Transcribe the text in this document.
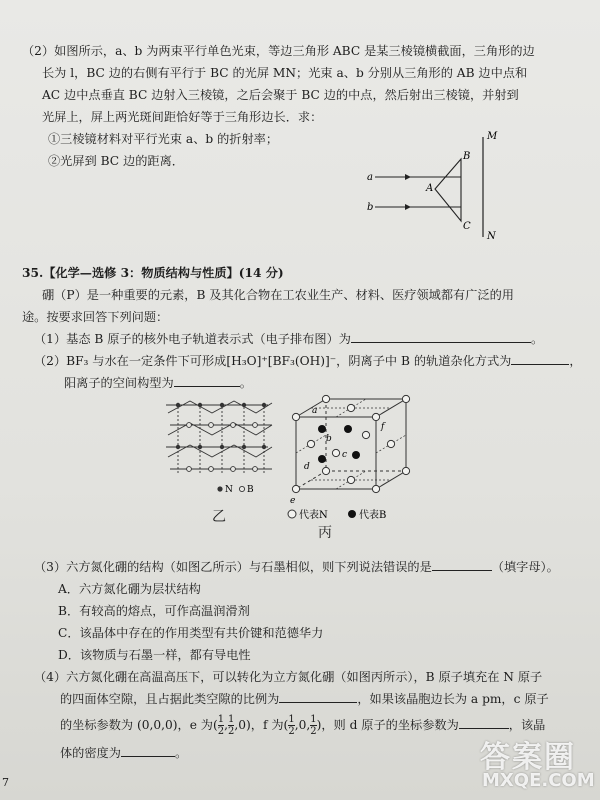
（2）如图所示，a、b 为两束平行单色光束，等边三角形 ABC 是某三棱镜横截面，三角形的边
长为 l，BC 边的右侧有平行于 BC 的光屏 MN；光束 a、b 分别从三角形的 AB 边中点和
AC 边中点垂直 BC 边射入三棱镜，之后会聚于 BC 边的中点，然后射出三棱镜，并射到
光屏上，屏上两光斑间距恰好等于三角形边长．求：
①三棱镜材料对平行光束 a、b 的折射率；
②光屏到 BC 边的距离．
a
b
A
B
C
M
N
35.【化学—选修 3：物质结构与性质】(14 分)
硼（P）是一种重要的元素，B 及其化合物在工农业生产、材料、医疗领域都有广泛的用
途。按要求回答下列问题：
（1）基态 B 原子的核外电子轨道表示式（电子排布图）为	。
（2）BF₃ 与水在一定条件下可形成[H₃O]⁺[BF₃(OH)]⁻，阴离子中 B 的轨道杂化方式为	，
阳离子的空间构型为	。
N B
乙
a
b
c
d
e
f
代表N	代表B
丙
（3）六方氮化硼的结构（如图乙所示）与石墨相似，则下列说法错误的是	（填字母）。
A．六方氮化硼为层状结构
B．有较高的熔点，可作高温润滑剂
C．该晶体中存在的作用类型有共价键和范德华力
D．该物质与石墨一样，都有导电性
（4）六方氮化硼在高温高压下，可以转化为立方氮化硼（如图丙所示），B 原子填充在 N 原子
的四面体空隙，且占据此类空隙的比例为	，如果该晶胞边长为 a pm，c 原子
的坐标参数为 (0,0,0)，e 为( $\frac{1}{2}$ , $\frac{1}{2} ,0$)，f 为( $\frac{1}{2} ,0$, $\frac{1}{2}$ )，则 d 原子的坐标参数为	，该晶
体的密度为	。
7
答案圈
MXQE.COM
